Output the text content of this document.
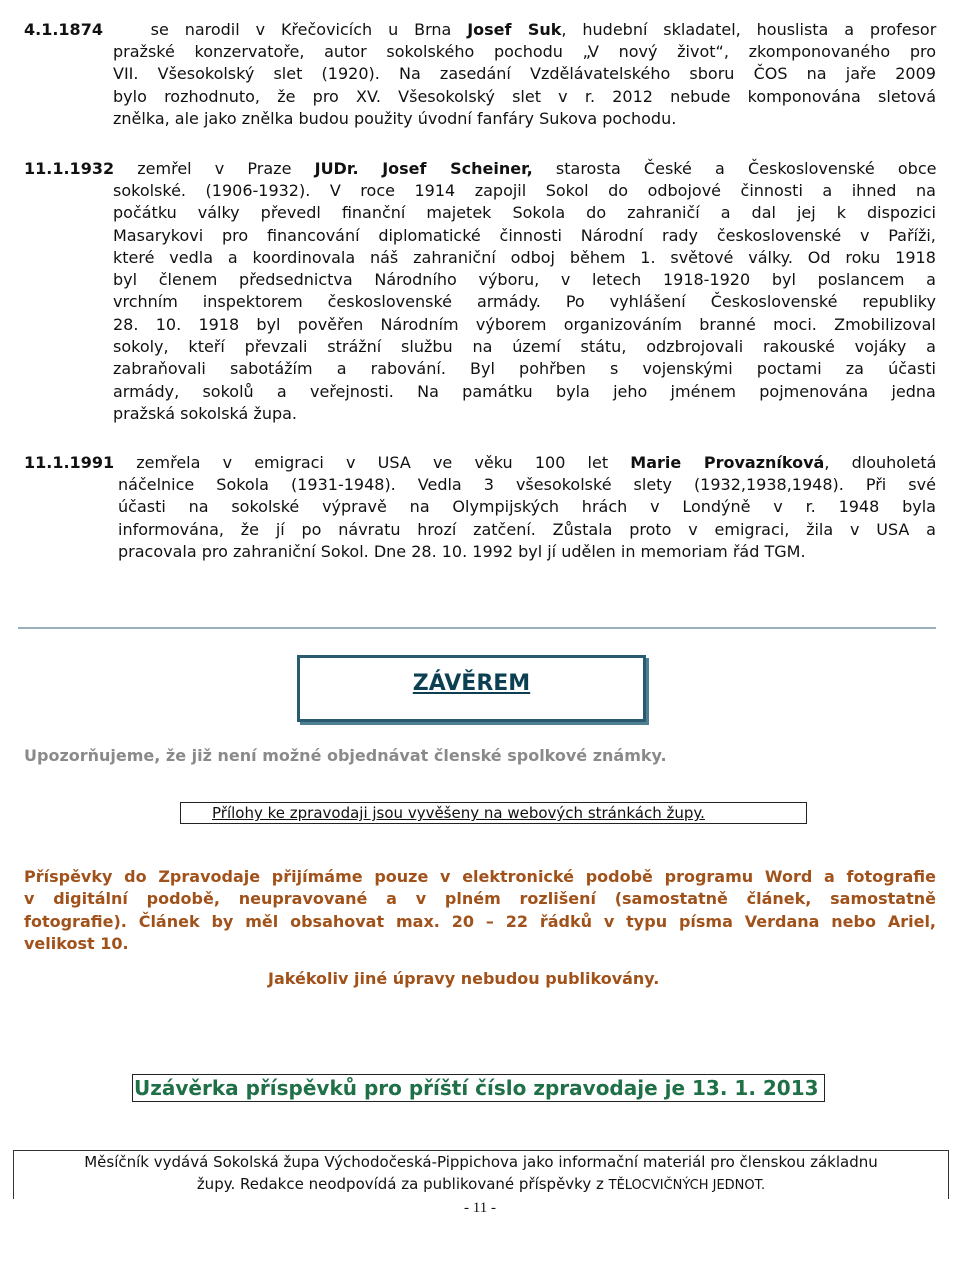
4.1.1874	se narodil v Křečovicích u Brna Josef Suk, hudební skladatel, houslista a profesor
pražské konzervatoře, autor sokolského pochodu „V nový život“, zkomponovaného pro
VII. Všesokolský slet (1920). Na zasedání Vzdělávatelského sboru ČOS na jaře 2009
bylo rozhodnuto, že pro XV. Všesokolský slet v r. 2012 nebude komponována sletová
znělka, ale jako znělka budou použity úvodní fanfáry Sukova pochodu.
11.1.1932 zemřel v Praze JUDr. Josef Scheiner, starosta České a Československé obce
sokolské. (1906-1932). V roce 1914 zapojil Sokol do odbojové činnosti a ihned na
počátku války převedl finanční majetek Sokola do zahraničí a dal jej k dispozici
Masarykovi pro financování diplomatické činnosti Národní rady československé v Paříži,
které vedla a koordinovala náš zahraniční odboj během 1. světové války. Od roku 1918
byl členem předsednictva Národního výboru, v letech 1918-1920 byl poslancem a
vrchním inspektorem československé armády. Po vyhlášení Československé republiky
28. 10. 1918 byl pověřen Národním výborem organizováním branné moci. Zmobilizoval
sokoly, kteří převzali strážní službu na území státu, odzbrojovali rakouské vojáky a
zabraňovali sabotážím a rabování. Byl pohřben s vojenskými poctami za účasti
armády, sokolů a veřejnosti. Na památku byla jeho jménem pojmenována jedna
pražská sokolská župa.
11.1.1991 zemřela v emigraci v USA ve věku 100 let Marie Provazníková, dlouholetá
náčelnice Sokola (1931-1948). Vedla 3 všesokolské slety (1932,1938,1948). Při své
účasti na sokolské výpravě na Olympijských hrách v Londýně v r. 1948 byla
informována, že jí po návratu hrozí zatčení. Zůstala proto v emigraci, žila v USA a
pracovala pro zahraniční Sokol. Dne 28. 10. 1992 byl jí udělen in memoriam řád TGM.
ZÁVĚREM
Upozorňujeme, že již není možné objednávat členské spolkové známky.
Přílohy ke zpravodaji jsou vyvěšeny na webových stránkách župy.
Příspěvky do Zpravodaje přijímáme pouze v elektronické podobě programu Word a fotografie
v digitální podobě, neupravované a v plném rozlišení (samostatně článek, samostatně
fotografie). Článek by měl obsahovat max. 20 – 22 řádků v typu písma Verdana nebo Ariel,
velikost 10.
Jakékoliv jiné úpravy nebudou publikovány.
Uzávěrka příspěvků pro příští číslo zpravodaje je 13. 1. 2013
Měsíčník vydává Sokolská župa Východočeská-Pippichova jako informační materiál pro členskou základnu
župy. Redakce neodpovídá za publikované příspěvky z TĚLOCVIČNÝCH JEDNOT.
- 11 -
